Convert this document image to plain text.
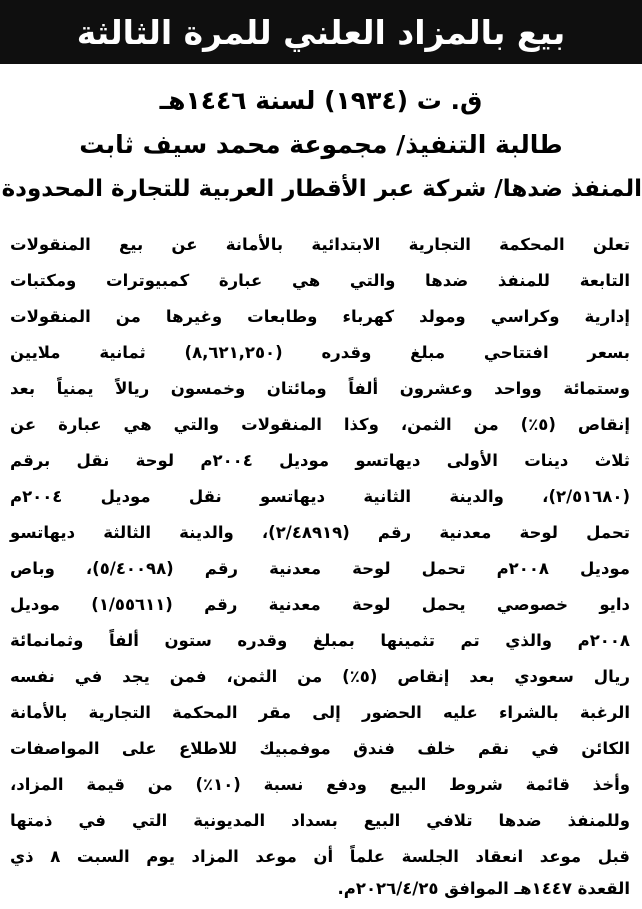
بيع بالمزاد العلني للمرة الثالثة
ق. ت (١٩٣٤) لسنة ١٤٤٦هـ
طالبة التنفيذ/ مجموعة محمد سيف ثابت
المنفذ ضدها/ شركة عبر الأقطار العربية للتجارة المحدودة
تعلن المحكمة التجارية الابتدائية بالأمانة عن بيع المنقولات
التابعة للمنفذ ضدها والتي هي عبارة كمبيوترات ومكتبات
إدارية وكراسي ومولد كهرباء وطابعات وغيرها من المنقولات
بسعر افتتاحي مبلغ وقدره (٨,٦٢١,٢٥٠) ثمانية ملايين
وستمائة وواحد وعشرون ألفاً ومائتان وخمسون ريالاً يمنياً بعد
إنقاص (٥٪) من الثمن، وكذا المنقولات والتي هي عبارة عن
ثلاث دينات الأولى ديهاتسو موديل ٢٠٠٤م لوحة نقل برقم
(٢/٥١٦٨٠)، والدينة الثانية ديهاتسو نقل موديل ٢٠٠٤م
تحمل لوحة معدنية رقم (٢/٤٨٩١٩)، والدينة الثالثة ديهاتسو
موديل ٢٠٠٨م تحمل لوحة معدنية رقم (٥/٤٠٠٩٨)، وباص
دايو خصوصي يحمل لوحة معدنية رقم (١/٥٥٦١١) موديل
٢٠٠٨م والذي تم تثمينها بمبلغ وقدره ستون ألفاً وثمانمائة
ريال سعودي بعد إنقاص (٥٪) من الثمن، فمن يجد في نفسه
الرغبة بالشراء عليه الحضور إلى مقر المحكمة التجارية بالأمانة
الكائن في نقم خلف فندق موفمبيك للاطلاع على المواصفات
وأخذ قائمة شروط البيع ودفع نسبة (١٠٪) من قيمة المزاد،
وللمنفذ ضدها تلافي البيع بسداد المديونية التي في ذمتها
قبل موعد انعقاد الجلسة علماً أن موعد المزاد يوم السبت ٨ ذي
القعدة ١٤٤٧هـ الموافق ٢٠٢٦/٤/٢٥م.
